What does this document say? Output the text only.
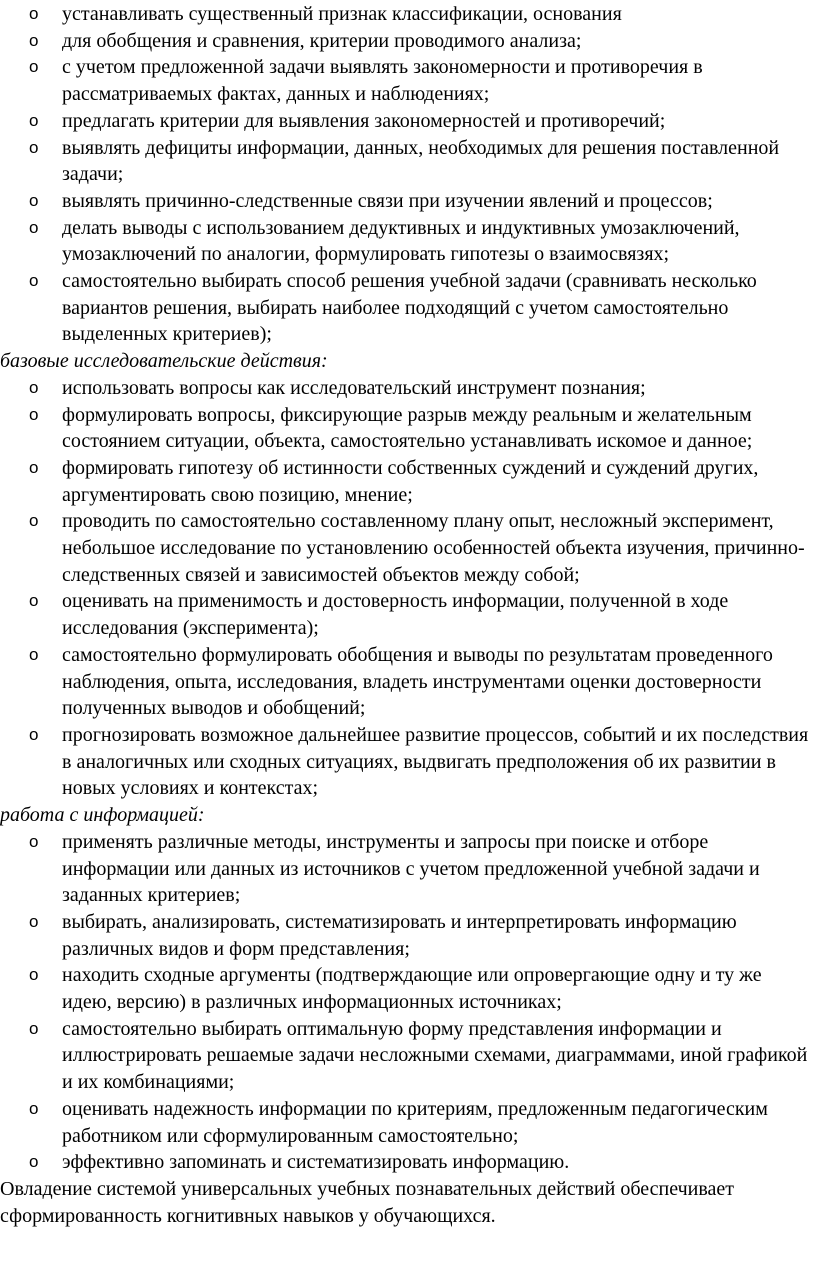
o устанавливать существенный признак классификации, основания
o для обобщения и сравнения, критерии проводимого анализа;
o с учетом предложенной задачи выявлять закономерности и противоречия в рассматриваемых фактах, данных и наблюдениях;
o предлагать критерии для выявления закономерностей и противоречий;
o выявлять дефициты информации, данных, необходимых для решения поставленной задачи;
o выявлять причинно-следственные связи при изучении явлений и процессов;
o делать выводы с использованием дедуктивных и индуктивных умозаключений, умозаключений по аналогии, формулировать гипотезы о взаимосвязях;
o самостоятельно выбирать способ решения учебной задачи (сравнивать несколько вариантов решения, выбирать наиболее подходящий с учетом самостоятельно выделенных критериев);

базовые исследовательские действия:

o использовать вопросы как исследовательский инструмент познания;
o формулировать вопросы, фиксирующие разрыв между реальным и желательным состоянием ситуации, объекта, самостоятельно устанавливать искомое и данное;
o формировать гипотезу об истинности собственных суждений и суждений других, аргументировать свою позицию, мнение;
o проводить по самостоятельно составленному плану опыт, несложный эксперимент, небольшое исследование по установлению особенностей объекта изучения, причинно-следственных связей и зависимостей объектов между собой;
o оценивать на применимость и достоверность информации, полученной в ходе исследования (эксперимента);
o самостоятельно формулировать обобщения и выводы по результатам проведенного наблюдения, опыта, исследования, владеть инструментами оценки достоверности полученных выводов и обобщений;
o прогнозировать возможное дальнейшее развитие процессов, событий и их последствия в аналогичных или сходных ситуациях, выдвигать предположения об их развитии в новых условиях и контекстах;

работа с информацией:

o применять различные методы, инструменты и запросы при поиске и отборе информации или данных из источников с учетом предложенной учебной задачи и заданных критериев;
o выбирать, анализировать, систематизировать и интерпретировать информацию различных видов и форм представления;
o находить сходные аргументы (подтверждающие или опровергающие одну и ту же идею, версию) в различных информационных источниках;
o самостоятельно выбирать оптимальную форму представления информации и иллюстрировать решаемые задачи несложными схемами, диаграммами, иной графикой и их комбинациями;
o оценивать надежность информации по критериям, предложенным педагогическим работником или сформулированным самостоятельно;
o эффективно запоминать и систематизировать информацию.

Овладение системой универсальных учебных познавательных действий обеспечивает сформированность когнитивных навыков у обучающихся.
